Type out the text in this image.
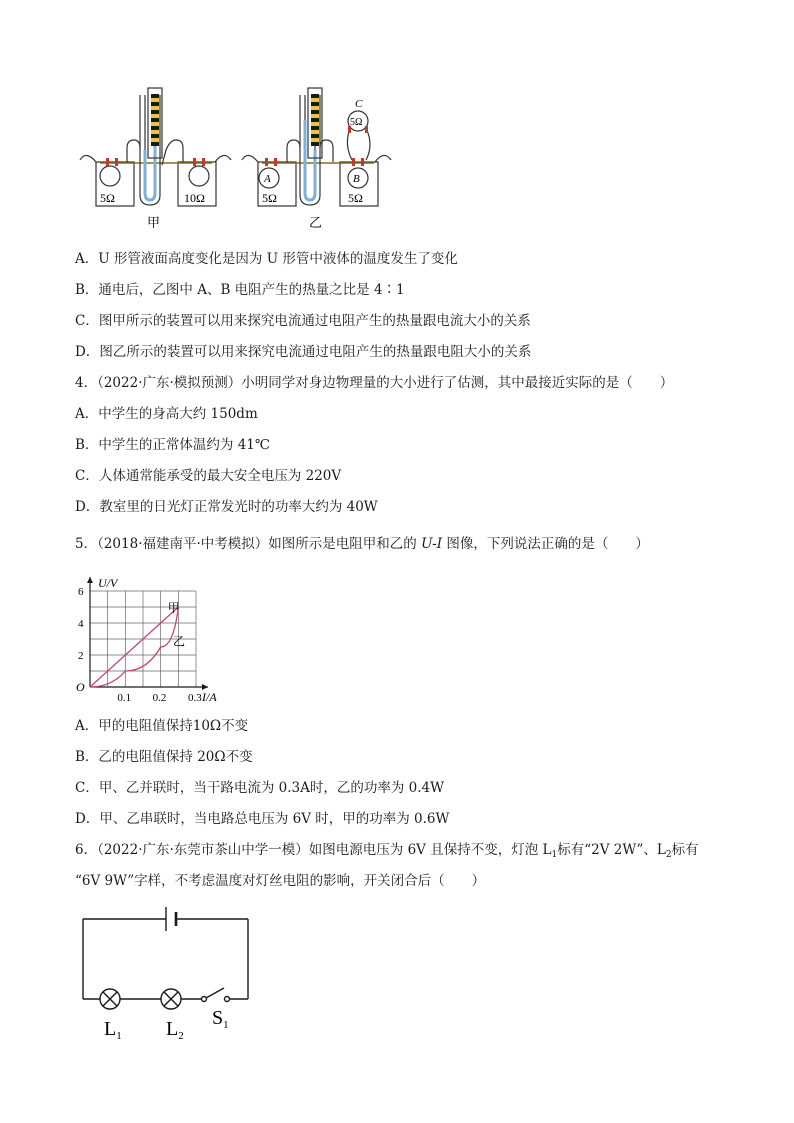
5Ω	10Ω
甲
A	B
C
5Ω
5Ω	5Ω
乙
A．U 形管液面高度变化是因为 U 形管中液体的温度发生了变化
B．通电后，乙图中 A、B 电阻产生的热量之比是 4∶1
C．图甲所示的装置可以用来探究电流通过电阻产生的热量跟电流大小的关系
D．图乙所示的装置可以用来探究电流通过电阻产生的热量跟电阻大小的关系
4．（2022·广东·模拟预测）小明同学对身边物理量的大小进行了估测，其中最接近实际的是（　　）
A．中学生的身高大约 150dm
B．中学生的正常体温约为 41℃
C．人体通常能承受的最大安全电压为 220V
D．教室里的日光灯正常发光时的功率大约为 40W
5．（2018·福建南平·中考模拟）如图所示是电阻甲和乙的 U-I 图像，下列说法正确的是（　　）
0.1 0.2 0.3
2
4
6
O
I/A
U/V
甲
乙
A．甲的电阻值保持10Ω不变
B．乙的电阻值保持 20Ω不变
C．甲、乙并联时，当干路电流为 0.3A时，乙的功率为 0.4W
D．甲、乙串联时，当电路总电压为 6V 时，甲的功率为 0.6W
6．（2022·广东·东莞市茶山中学一模）如图电源电压为 6V 且保持不变，灯泡 $L_1$标有“2V 2W”、$L_2$标有
“6V 9W”字样，不考虑温度对灯丝电阻的影响，开关闭合后（　　）
$L_1$ $L_2$
$S_1$
